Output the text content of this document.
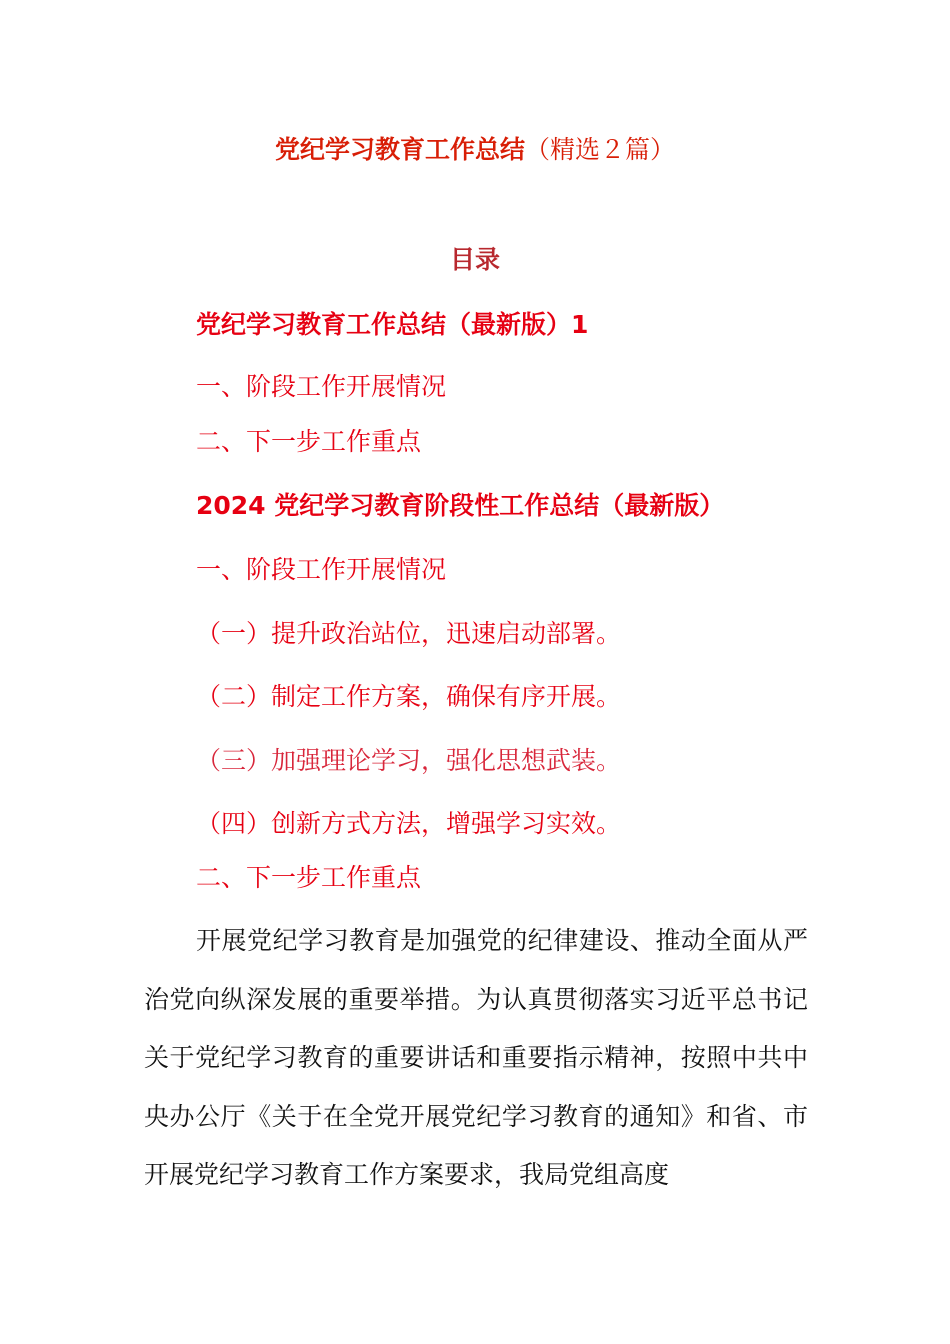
党纪学习教育工作总结（精选２篇）
目录
党纪学习教育工作总结（最新版）1
一、阶段工作开展情况
二、下一步工作重点
2024 党纪学习教育阶段性工作总结（最新版）
一、阶段工作开展情况
（一）提升政治站位，迅速启动部署。
（二）制定工作方案，确保有序开展。
（三）加强理论学习，强化思想武装。
（四）创新方式方法，增强学习实效。
二、下一步工作重点

开展党纪学习教育是加强党的纪律建设、推动全面从严治党向纵深发展的重要举措。为认真贯彻落实习近平总书记关于党纪学习教育的重要讲话和重要指示精神，按照中共中央办公厅《关于在全党开展党纪学习教育的通知》和省、市开展党纪学习教育工作方案要求，我局党组高度
